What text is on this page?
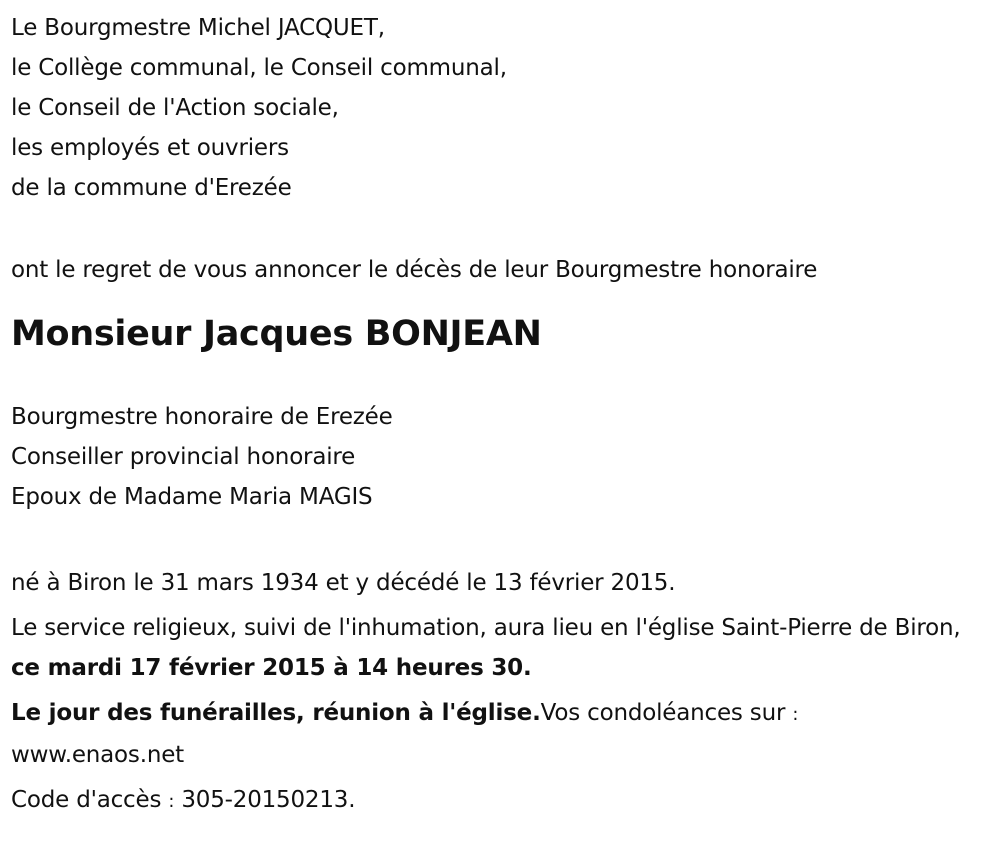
Le Bourgmestre Michel JACQUET,
le Collège communal, le Conseil communal,
le Conseil de l'Action sociale,
les employés et ouvriers
de la commune d'Erezée
ont le regret de vous annoncer le décès de leur Bourgmestre honoraire
Monsieur Jacques BONJEAN
Bourgmestre honoraire de Erezée
Conseiller provincial honoraire
Epoux de Madame Maria MAGIS
né à Biron le 31 mars 1934 et y décédé le 13 février 2015.
Le service religieux, suivi de l'inhumation, aura lieu en l'église Saint-Pierre de Biron, ce mardi 17 février 2015 à 14 heures 30.
Le jour des funérailles, réunion à l'église.Vos condoléances sur :
www.enaos.net
Code d'accès : 305-20150213.
